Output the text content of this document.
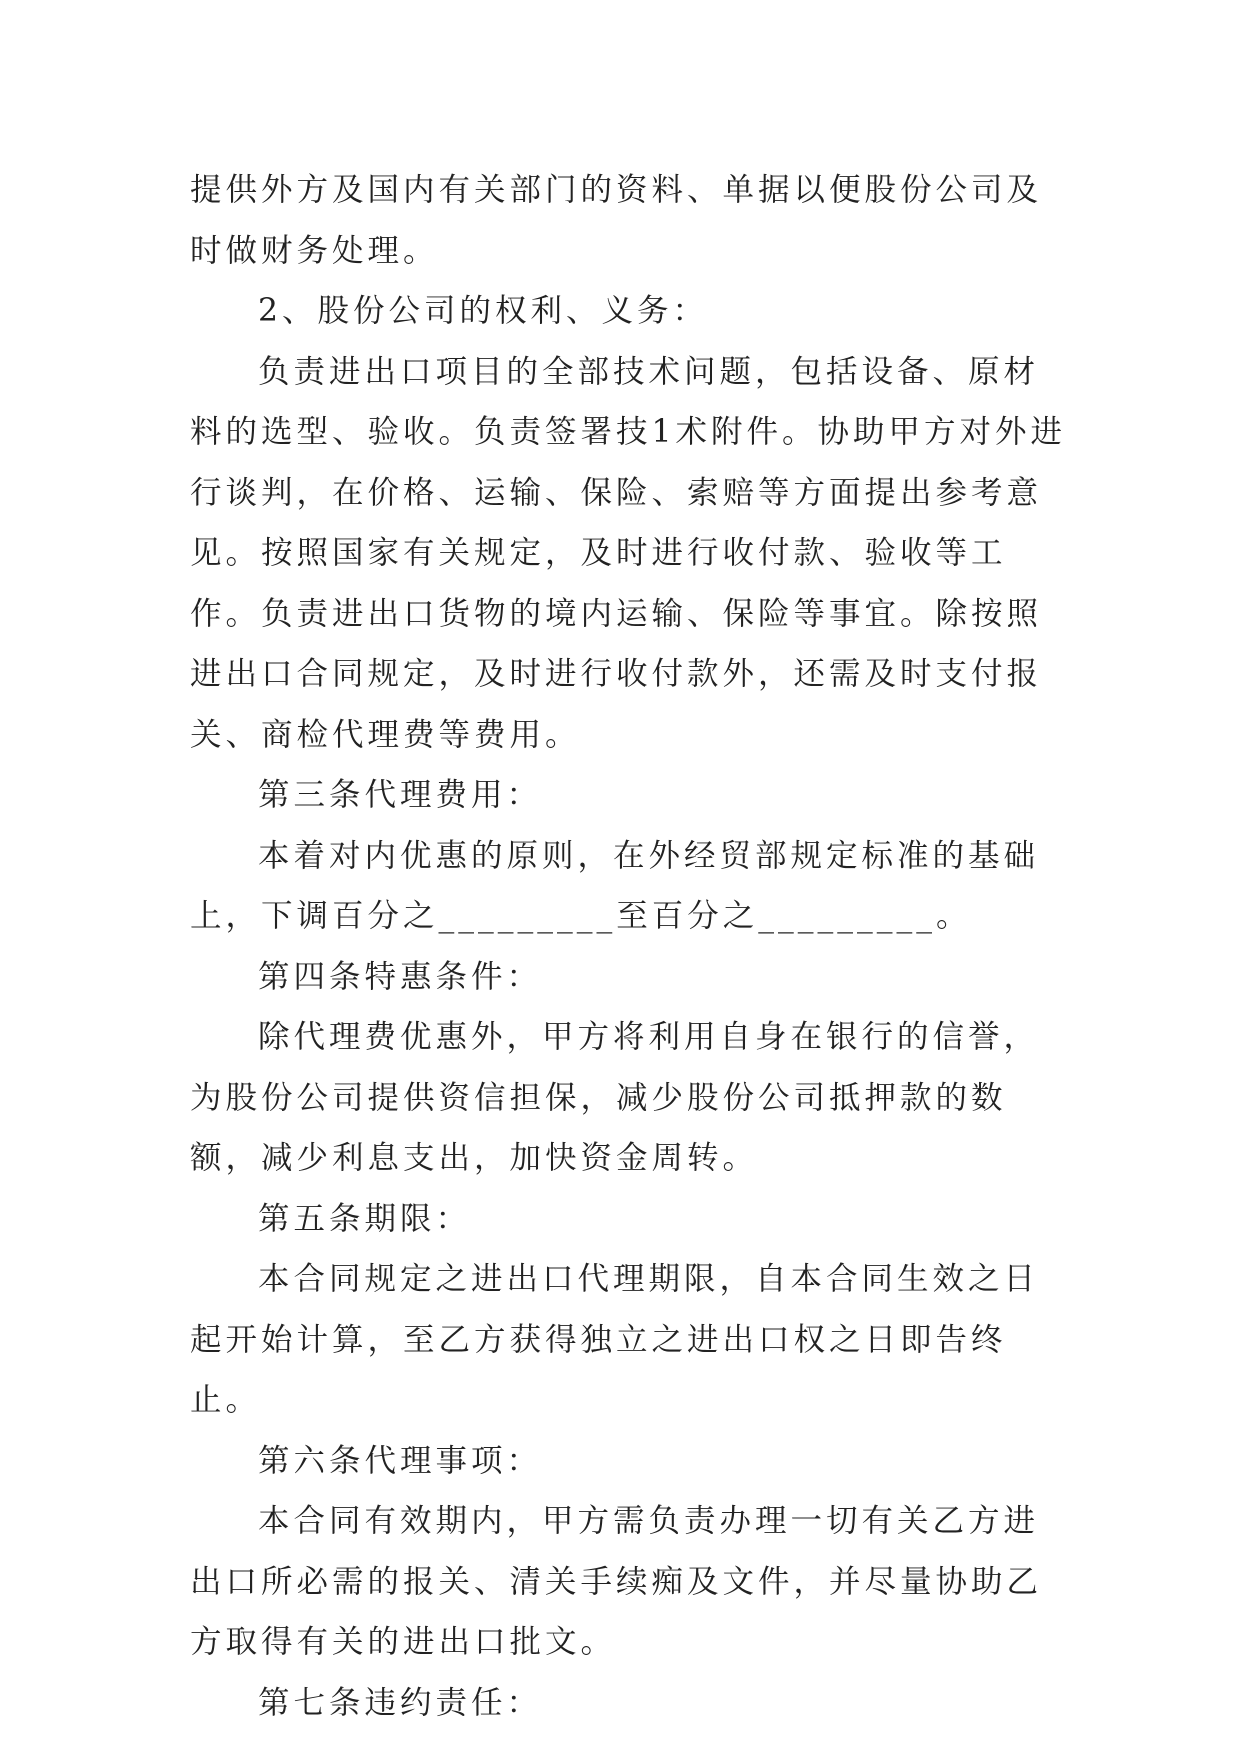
提供外方及国内有关部门的资料、单据以便股份公司及时做财务处理。

2、股份公司的权利、义务：

负责进出口项目的全部技术问题，包括设备、原材料的选型、验收。负责签署技1术附件。协助甲方对外进行谈判，在价格、运输、保险、索赔等方面提出参考意见。按照国家有关规定，及时进行收付款、验收等工作。负责进出口货物的境内运输、保险等事宜。除按照进出口合同规定，及时进行收付款外，还需及时支付报关、商检代理费等费用。

第三条代理费用：

本着对内优惠的原则，在外经贸部规定标准的基础上，下调百分之_________至百分之_________。

第四条特惠条件：

除代理费优惠外，甲方将利用自身在银行的信誉，为股份公司提供资信担保，减少股份公司抵押款的数额，减少利息支出，加快资金周转。

第五条期限：

本合同规定之进出口代理期限，自本合同生效之日起开始计算，至乙方获得独立之进出口权之日即告终止。

第六条代理事项：

本合同有效期内，甲方需负责办理一切有关乙方进出口所必需的报关、清关手续痴及文件，并尽量协助乙方取得有关的进出口批文。

第七条违约责任：
